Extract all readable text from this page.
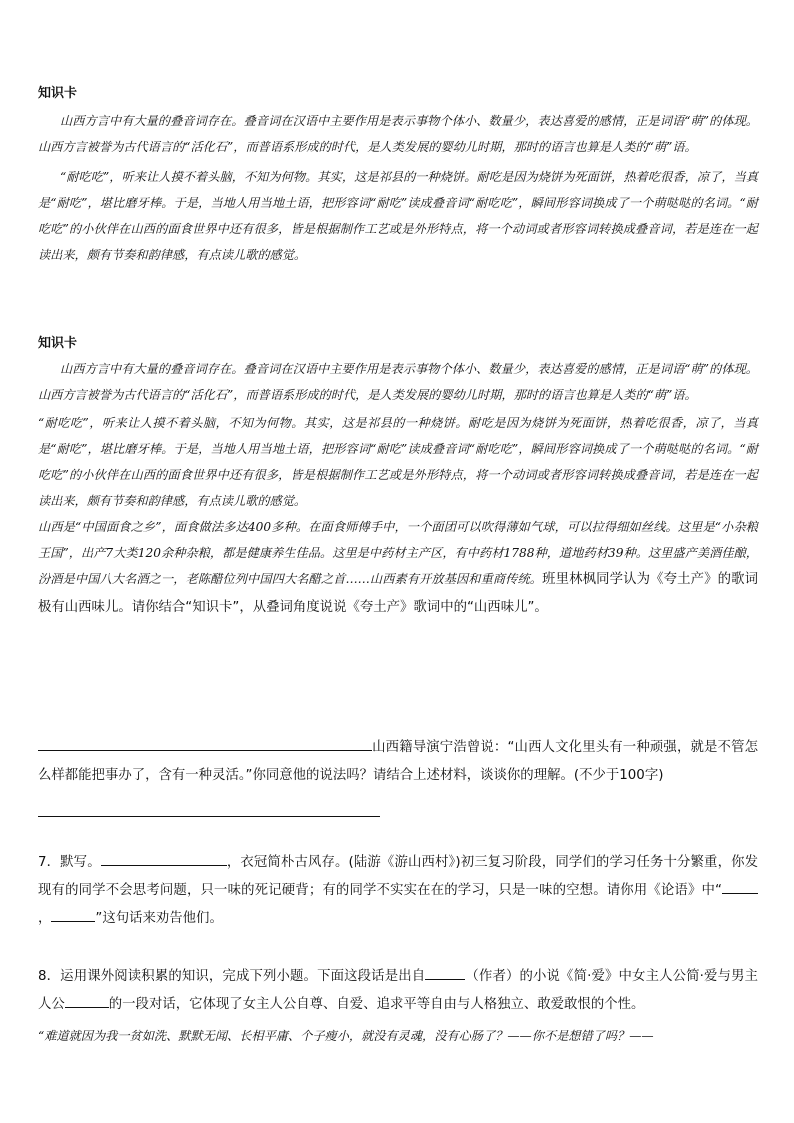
知识卡

山西方言中有大量的叠音词存在。叠音词在汉语中主要作用是表示事物个体小、数量少，表达喜爱的感情，正是词语“萌”的体现。山西方言被誉为古代语言的“活化石”，而普语系形成的时代，是人类发展的婴幼儿时期，那时的语言也算是人类的“萌”语。

“耐吃吃”，听来让人摸不着头脑，不知为何物。其实，这是祁县的一种烧饼。耐吃是因为烧饼为死面饼，热着吃很香，凉了，当真是“耐吃”，堪比磨牙棒。于是，当地人用当地土语，把形容词“耐吃”读成叠音词“耐吃吃”，瞬间形容词换成了一个萌哒哒的名词。“耐吃吃”的小伙伴在山西的面食世界中还有很多，皆是根据制作工艺或是外形特点，将一个动词或者形容词转换成叠音词，若是连在一起读出来，颇有节奏和韵律感，有点读儿歌的感觉。

知识卡

山西方言中有大量的叠音词存在。叠音词在汉语中主要作用是表示事物个体小、数量少，表达喜爱的感情，正是词语“萌”的体现。山西方言被誉为古代语言的“活化石”，而普语系形成的时代，是人类发展的婴幼儿时期，那时的语言也算是人类的“萌”语。

“耐吃吃”，听来让人摸不着头脑，不知为何物。其实，这是祁县的一种烧饼。耐吃是因为烧饼为死面饼，热着吃很香，凉了，当真是“耐吃”，堪比磨牙棒。于是，当地人用当地土语，把形容词“耐吃”读成叠音词“耐吃吃”，瞬间形容词换成了一个萌哒哒的名词。“耐吃吃”的小伙伴在山西的面食世界中还有很多，皆是根据制作工艺或是外形特点，将一个动词或者形容词转换成叠音词，若是连在一起读出来，颇有节奏和韵律感，有点读儿歌的感觉。

山西是“中国面食之乡”，面食做法多达400多种。在面食师傅手中，一个面团可以吹得薄如气球，可以拉得细如丝线。这里是“小杂粮王国”，出产7大类120余种杂粮，都是健康养生佳品。这里是中药材主产区，有中药材1788种，道地药材39种。这里盛产美酒佳酿，汾酒是中国八大名酒之一，老陈醋位列中国四大名醋之首……山西素有开放基因和重商传统。班里林枫同学认为《夸土产》的歌词极有山西味儿。请你结合“知识卡”，从叠词角度说说《夸土产》歌词中的“山西味儿”。

山西籍导演宁浩曾说：“山西人文化里头有一种顽强，就是不管怎么样都能把事办了，含有一种灵活。”你同意他的说法吗？请结合上述材料，谈谈你的理解。(不少于100字)

7．默写。	，衣冠简朴古风存。(陆游《游山西村》)初三复习阶段，同学们的学习任务十分繁重，你发现有的同学不会思考问题，只一味的死记硬背；有的同学不实实在在的学习，只是一味的空想。请你用《论语》中“，	”这句话来劝告他们。

8．运用课外阅读积累的知识，完成下列小题。下面这段话是出自	（作者）的小说《简·爱》中女主人公简·爱与男主人公	的一段对话，它体现了女主人公自尊、自爱、追求平等自由与人格独立、敢爱敢恨的个性。

“难道就因为我一贫如洗、默默无闻、长相平庸、个子瘦小，就没有灵魂，没有心肠了？——你不是想错了吗？——
